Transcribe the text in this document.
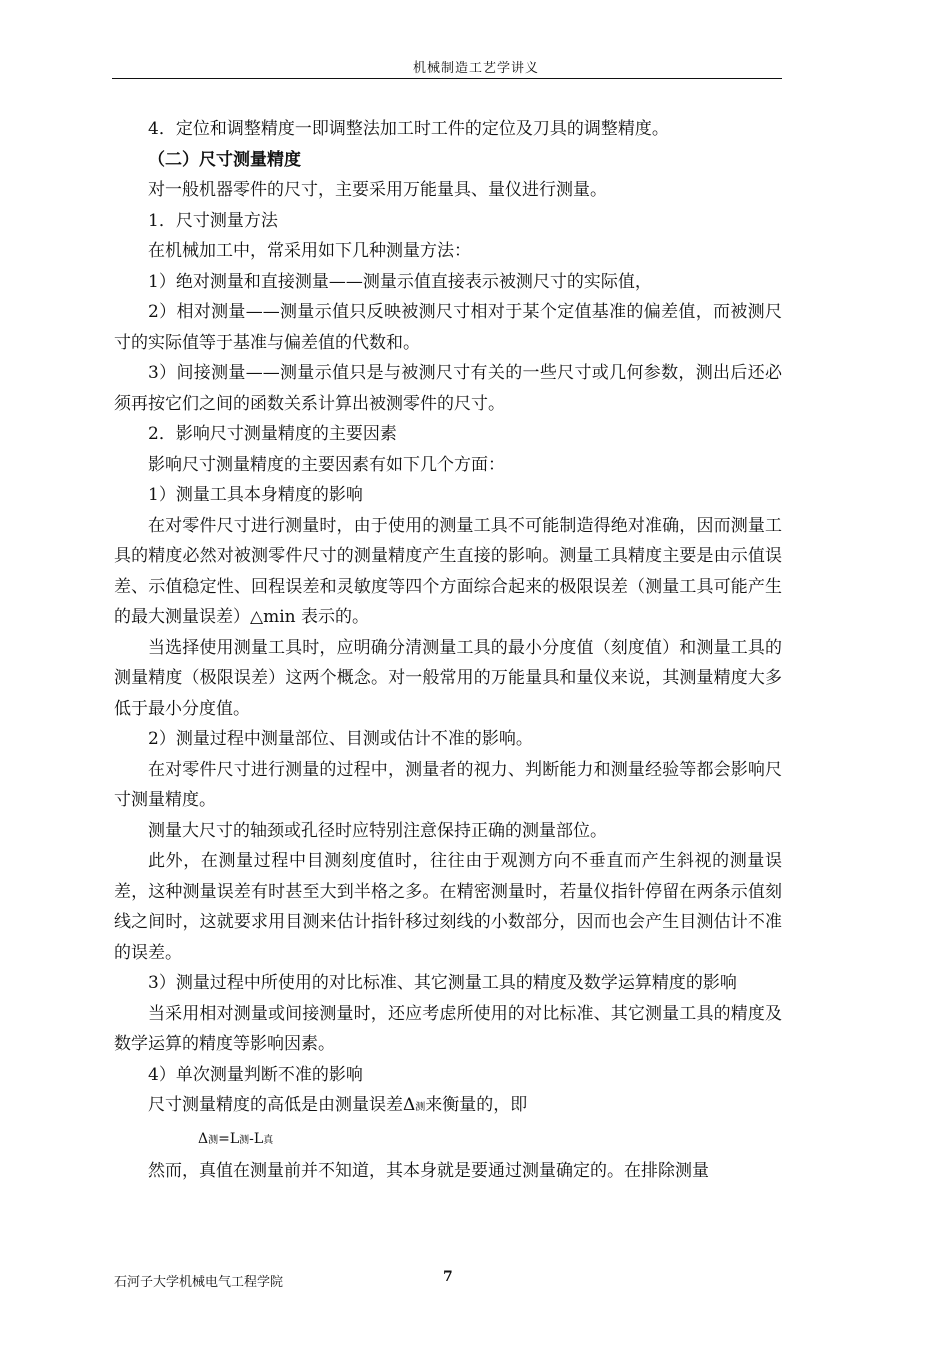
机械制造工艺学讲义

4．定位和调整精度一即调整法加工时工件的定位及刀具的调整精度。

（二）尺寸测量精度

对一般机器零件的尺寸，主要采用万能量具、量仪进行测量。

1．尺寸测量方法

在机械加工中，常采用如下几种测量方法：

1）绝对测量和直接测量——测量示值直接表示被测尺寸的实际值，

2）相对测量——测量示值只反映被测尺寸相对于某个定值基准的偏差值，而被测尺寸的实际值等于基准与偏差值的代数和。

3）间接测量——测量示值只是与被测尺寸有关的一些尺寸或几何参数，测出后还必须再按它们之间的函数关系计算出被测零件的尺寸。

2．影响尺寸测量精度的主要因素

影响尺寸测量精度的主要因素有如下几个方面：

1）测量工具本身精度的影响

在对零件尺寸进行测量时，由于使用的测量工具不可能制造得绝对准确，因而测量工具的精度必然对被测零件尺寸的测量精度产生直接的影响。测量工具精度主要是由示值误差、示值稳定性、回程误差和灵敏度等四个方面综合起来的极限误差（测量工具可能产生的最大测量误差）△min 表示的。

当选择使用测量工具时，应明确分清测量工具的最小分度值（刻度值）和测量工具的测量精度（极限误差）这两个概念。对一般常用的万能量具和量仪来说，其测量精度大多低于最小分度值。

2）测量过程中测量部位、目测或估计不准的影响。

在对零件尺寸进行测量的过程中，测量者的视力、判断能力和测量经验等都会影响尺寸测量精度。

测量大尺寸的轴颈或孔径时应特别注意保持正确的测量部位。

此外，在测量过程中目测刻度值时，往往由于观测方向不垂直而产生斜视的测量误差，这种测量误差有时甚至大到半格之多。在精密测量时，若量仪指针停留在两条示值刻线之间时，这就要求用目测来估计指针移过刻线的小数部分，因而也会产生目测估计不准的误差。

3）测量过程中所使用的对比标准、其它测量工具的精度及数学运算精度的影响

当采用相对测量或间接测量时，还应考虑所使用的对比标准、其它测量工具的精度及数学运算的精度等影响因素。

4）单次测量判断不准的影响

尺寸测量精度的高低是由测量误差Δ测来衡量的，即

Δ测=L测-L真

然而，真值在测量前并不知道，其本身就是要通过测量确定的。在排除测量

石河子大学机械电气工程学院	7
